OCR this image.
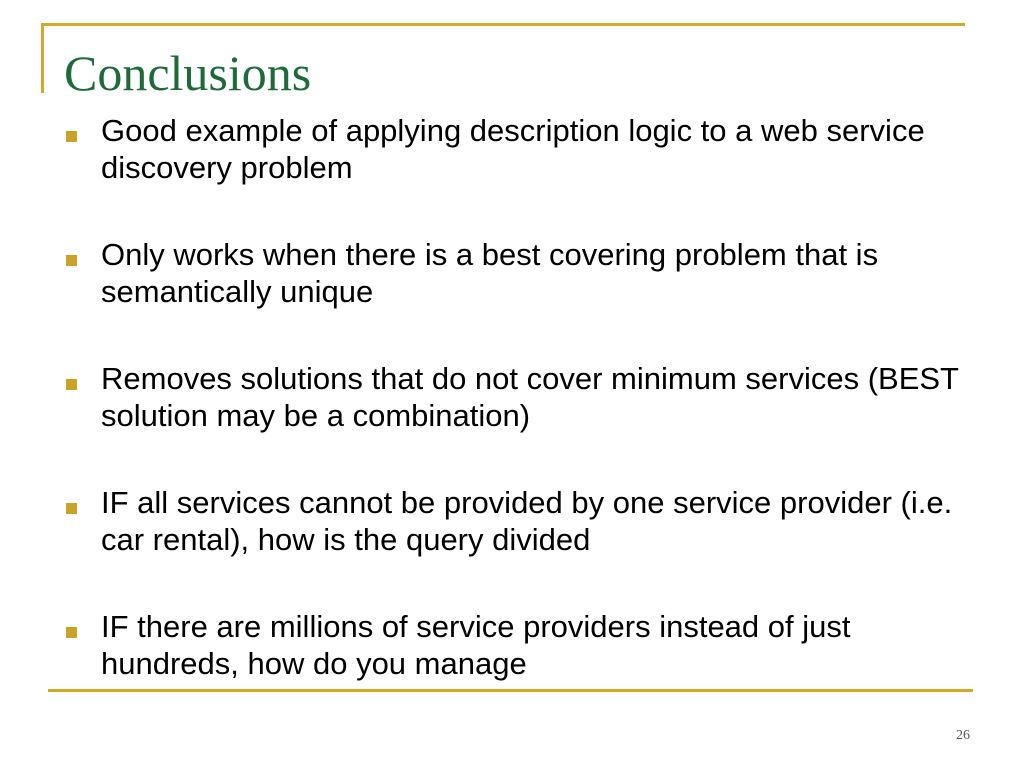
Conclusions
Good example of applying description logic to a web service discovery problem
Only works when there is a best covering problem that is semantically unique
Removes solutions that do not cover minimum services (BEST solution may be a combination)
IF all services cannot be provided by one service provider (i.e. car rental), how is the query divided
IF there are millions of service providers instead of just hundreds, how do you manage
26
